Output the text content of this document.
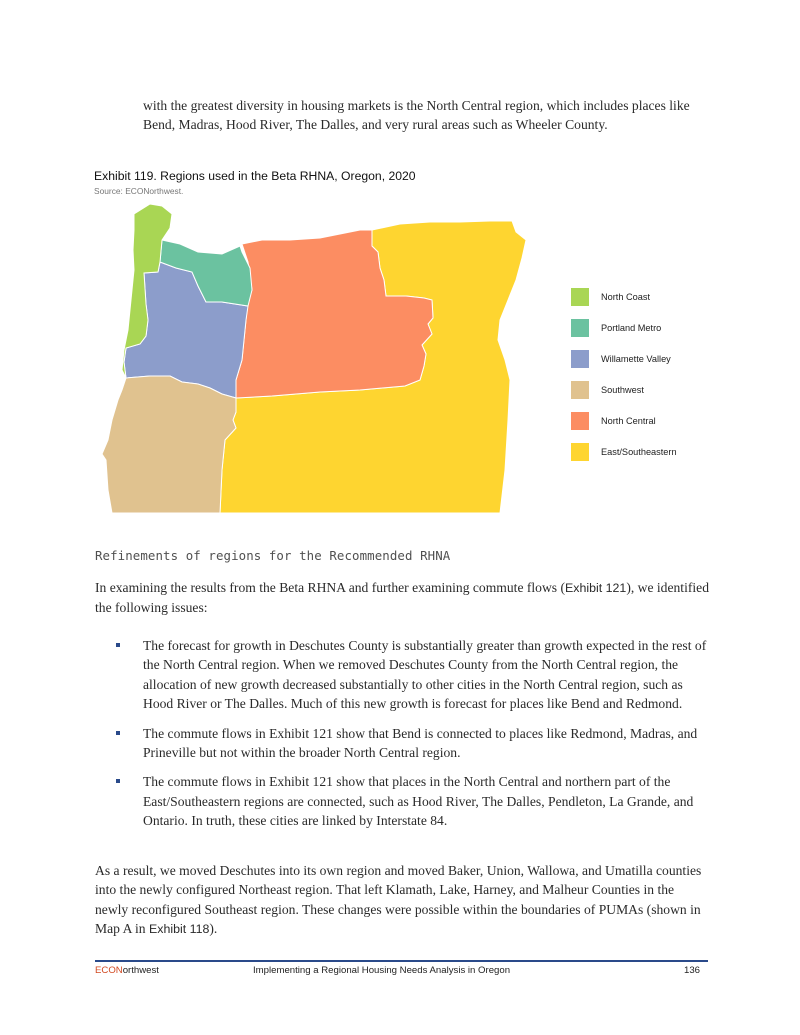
with the greatest diversity in housing markets is the North Central region, which includes places like Bend, Madras, Hood River, The Dalles, and very rural areas such as Wheeler County.
Exhibit 119. Regions used in the Beta RHNA, Oregon, 2020
Source: ECONorthwest.
North Coast
Portland Metro
Willamette Valley
Southwest
North Central
East/Southeastern
Refinements of regions for the Recommended RHNA
In examining the results from the Beta RHNA and further examining commute flows (Exhibit 121), we identified the following issues:
The forecast for growth in Deschutes County is substantially greater than growth expected in the rest of the North Central region. When we removed Deschutes County from the North Central region, the allocation of new growth decreased substantially to other cities in the North Central region, such as Hood River or The Dalles. Much of this new growth is forecast for places like Bend and Redmond.
The commute flows in Exhibit 121 show that Bend is connected to places like Redmond, Madras, and Prineville but not within the broader North Central region.
The commute flows in Exhibit 121 show that places in the North Central and northern part of the East/Southeastern regions are connected, such as Hood River, The Dalles, Pendleton, La Grande, and Ontario. In truth, these cities are linked by Interstate 84.
As a result, we moved Deschutes into its own region and moved Baker, Union, Wallowa, and Umatilla counties into the newly configured Northeast region. That left Klamath, Lake, Harney, and Malheur Counties in the newly reconfigured Southeast region. These changes were possible within the boundaries of PUMAs (shown in Map A in Exhibit 118).
ECONorthwest	Implementing a Regional Housing Needs Analysis in Oregon	136
